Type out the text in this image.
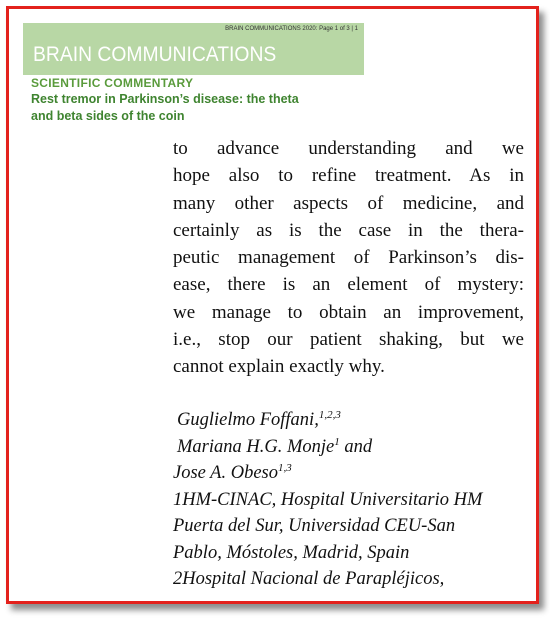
BRAIN COMMUNICATIONS 2020: Page 1 of 3 | 1
BRAIN COMMUNICATIONS
SCIENTIFIC COMMENTARY
Rest tremor in Parkinson’s disease: the theta
and beta sides of the coin
to advance understanding and we
hope also to refine treatment. As in
many other aspects of medicine, and
certainly as is the case in the thera-
peutic management of Parkinson’s dis-
ease, there is an element of mystery:
we manage to obtain an improvement,
i.e., stop our patient shaking, but we
cannot explain exactly why.
Guglielmo Foffani,$^{1,2,3}$
Mariana H.G. Monje$^1$ and
Jose A. Obeso$^{1,3}$
1HM-CINAC, Hospital Universitario HM
Puerta del Sur, Universidad CEU-San
Pablo, Móstoles, Madrid, Spain
2Hospital Nacional de Parapléjicos,
